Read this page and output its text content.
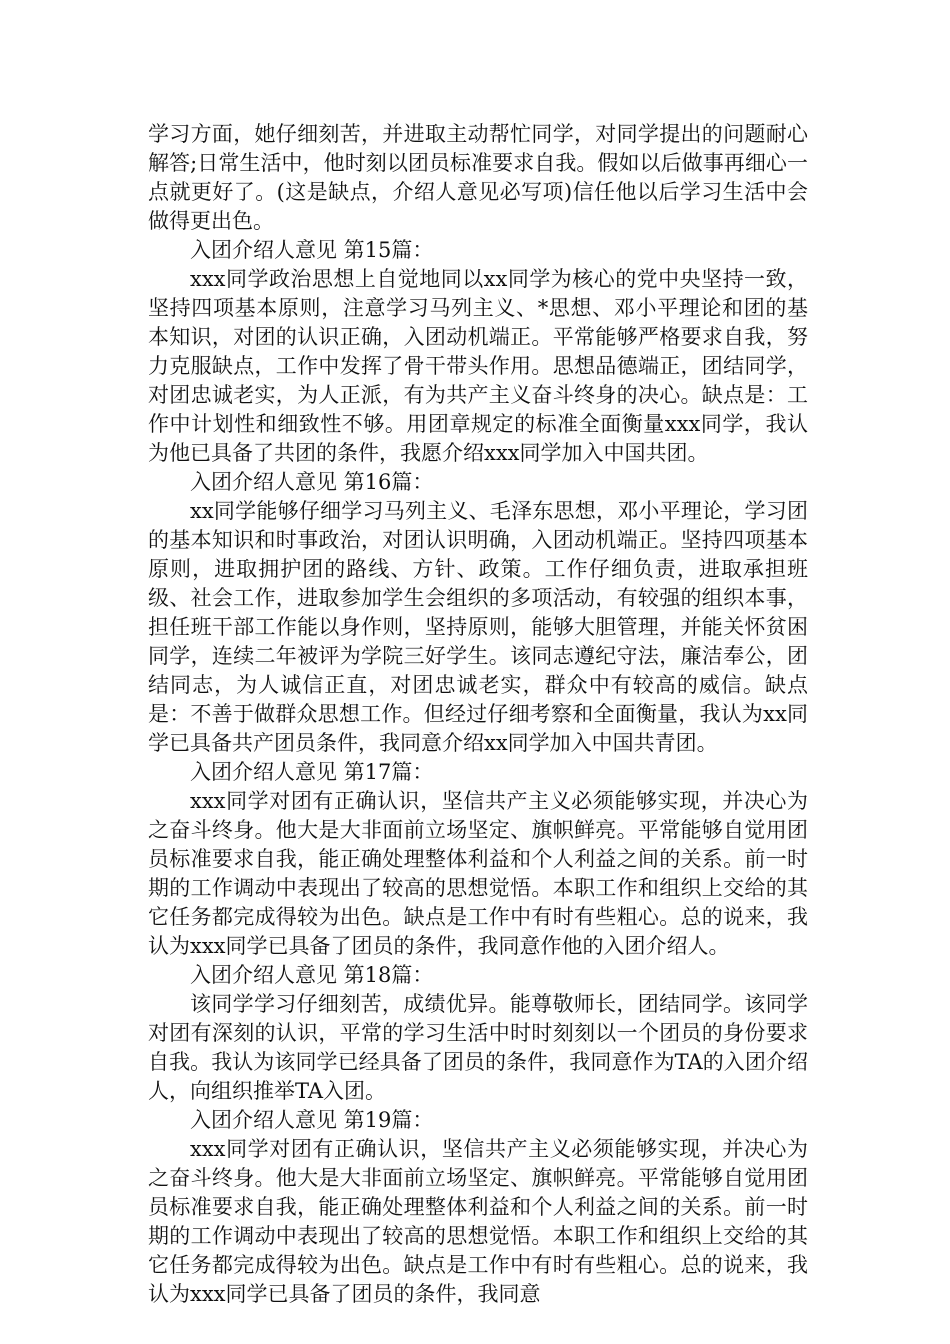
学习方面，她仔细刻苦，并进取主动帮忙同学，对同学提出的问题耐心解答;日常生活中，他时刻以团员标准要求自我。假如以后做事再细心一点就更好了。(这是缺点，介绍人意见必写项)信任他以后学习生活中会做得更出色。

入团介绍人意见 第15篇：

xxx同学政治思想上自觉地同以xx同学为核心的党中央坚持一致，坚持四项基本原则，注意学习马列主义、*思想、邓小平理论和团的基本知识，对团的认识正确，入团动机端正。平常能够严格要求自我，努力克服缺点，工作中发挥了骨干带头作用。思想品德端正，团结同学，对团忠诚老实，为人正派，有为共产主义奋斗终身的决心。缺点是：工作中计划性和细致性不够。用团章规定的标准全面衡量xxx同学，我认为他已具备了共团的条件，我愿介绍xxx同学加入中国共团。

入团介绍人意见 第16篇：

xx同学能够仔细学习马列主义、毛泽东思想，邓小平理论，学习团的基本知识和时事政治，对团认识明确，入团动机端正。坚持四项基本原则，进取拥护团的路线、方针、政策。工作仔细负责，进取承担班级、社会工作，进取参加学生会组织的多项活动，有较强的组织本事，担任班干部工作能以身作则，坚持原则，能够大胆管理，并能关怀贫困同学，连续二年被评为学院三好学生。该同志遵纪守法，廉洁奉公，团结同志，为人诚信正直，对团忠诚老实，群众中有较高的威信。缺点是：不善于做群众思想工作。但经过仔细考察和全面衡量，我认为xx同学已具备共产团员条件，我同意介绍xx同学加入中国共青团。

入团介绍人意见 第17篇：

xxx同学对团有正确认识，坚信共产主义必须能够实现，并决心为之奋斗终身。他大是大非面前立场坚定、旗帜鲜亮。平常能够自觉用团员标准要求自我，能正确处理整体利益和个人利益之间的关系。前一时期的工作调动中表现出了较高的思想觉悟。本职工作和组织上交给的其它任务都完成得较为出色。缺点是工作中有时有些粗心。总的说来，我认为xxx同学已具备了团员的条件，我同意作他的入团介绍人。

入团介绍人意见 第18篇：

该同学学习仔细刻苦，成绩优异。能尊敬师长，团结同学。该同学对团有深刻的认识，平常的学习生活中时时刻刻以一个团员的身份要求自我。我认为该同学已经具备了团员的条件，我同意作为TA的入团介绍人，向组织推举TA入团。

入团介绍人意见 第19篇：

xxx同学对团有正确认识，坚信共产主义必须能够实现，并决心为之奋斗终身。他大是大非面前立场坚定、旗帜鲜亮。平常能够自觉用团员标准要求自我，能正确处理整体利益和个人利益之间的关系。前一时期的工作调动中表现出了较高的思想觉悟。本职工作和组织上交给的其它任务都完成得较为出色。缺点是工作中有时有些粗心。总的说来，我认为xxx同学已具备了团员的条件，我同意
